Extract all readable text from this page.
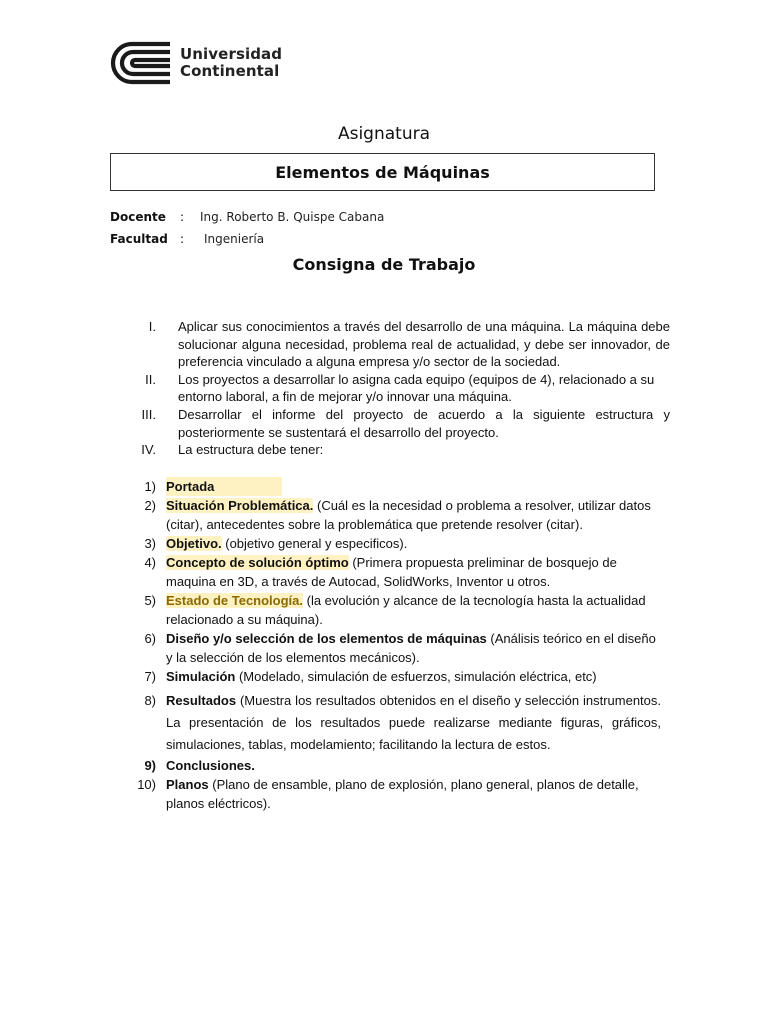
Universidad
Continental
Asignatura
Elementos de Máquinas
Docente	:	Ing. Roberto B. Quispe Cabana
Facultad	:	Ingeniería
Consigna de Trabajo
I.	Aplicar sus conocimientos a través del desarrollo de una máquina. La máquina debe solucionar alguna necesidad, problema real de actualidad, y debe ser innovador, de preferencia vinculado a alguna empresa y/o sector de la sociedad.
II.	Los proyectos a desarrollar lo asigna cada equipo (equipos de 4), relacionado a su entorno laboral, a fin de mejorar y/o innovar una máquina.
III.	Desarrollar el informe del proyecto de acuerdo a la siguiente estructura y posteriormente se sustentará el desarrollo del proyecto.
IV.	La estructura debe tener:
1) Portada
2) Situación Problemática. (Cuál es la necesidad o problema a resolver, utilizar datos (citar), antecedentes sobre la problemática que pretende resolver (citar).
3) Objetivo. (objetivo general y especificos).
4) Concepto de solución óptimo (Primera propuesta preliminar de bosquejo de maquina en 3D, a través de Autocad, SolidWorks, Inventor u otros.
5) Estado de Tecnología. (la evolución y alcance de la tecnología hasta la actualidad relacionado a su máquina).
6) Diseño y/o selección de los elementos de máquinas (Análisis teórico en el diseño y la selección de los elementos mecánicos).
7) Simulación (Modelado, simulación de esfuerzos, simulación eléctrica, etc)
8) Resultados (Muestra los resultados obtenidos en el diseño y selección instrumentos. La presentación de los resultados puede realizarse mediante figuras, gráficos, simulaciones, tablas, modelamiento; facilitando la lectura de estos.
9) Conclusiones.
10) Planos (Plano de ensamble, plano de explosión, plano general, planos de detalle, planos eléctricos).
